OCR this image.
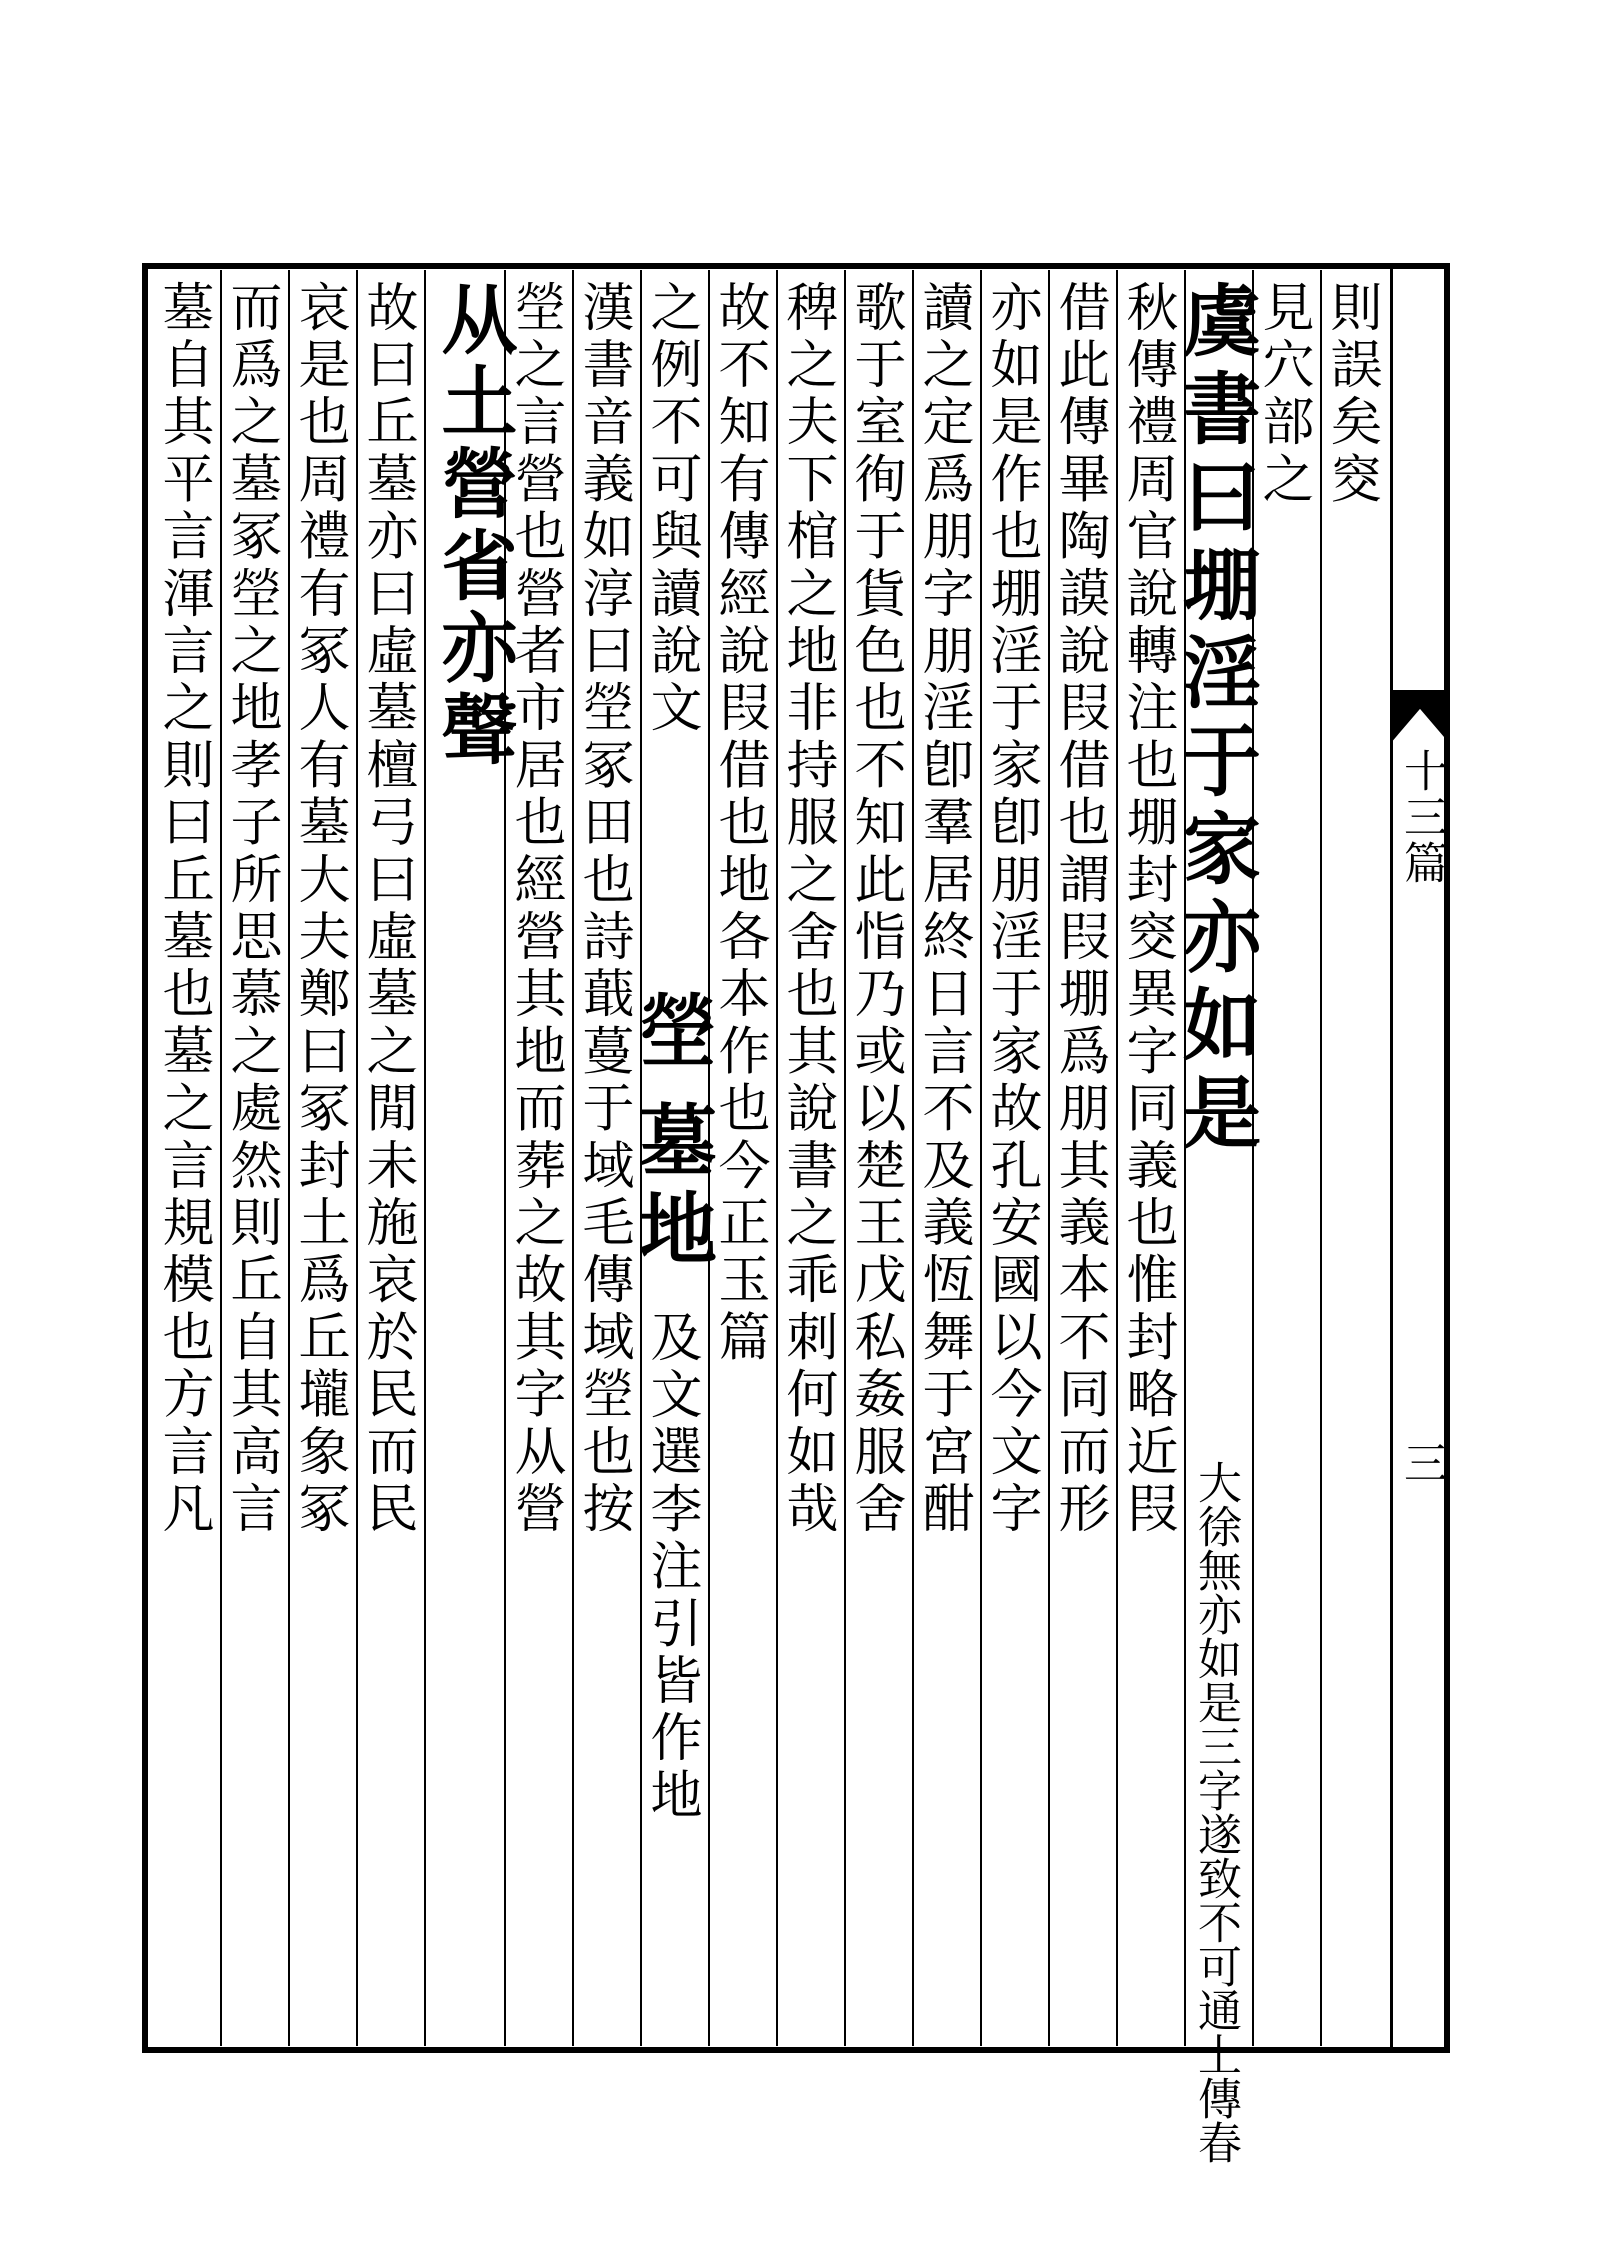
十三篇
三
則誤矣窔
見穴部之
虞書曰堋淫于家亦如是
大徐無亦如是三字遂致不可通上傳春
秋傳禮周官說轉注也堋封窔異字同義也惟封略近叚
借此傳畢陶謨說叚借也謂叚堋爲朋其義本不同而形
亦如是作也堋淫于家卽朋淫于家故孔安國以今文字
讀之定爲朋字朋淫卽羣居終日言不及義恆舞于宮酣
歌于室徇于貨色也不知此恉乃或以楚王戊私姦服舍
稗之夫下棺之地非持服之舍也其說書之乖刺何如哉
故不知有傳經說叚借也地各本作也今正玉篇
之例不可與讀說文
塋
墓地
及文選李注引皆作地
漢書音義如淳曰塋冢田也詩蕺蔓于域毛傳域塋也按
塋之言營也營者市居也經營其地而葬之故其字从營
从土營省亦聲
故曰丘墓亦曰虛墓檀弓曰虛墓之閒未施哀於民而民
哀是也周禮有冢人有墓大夫鄭曰冢封土爲丘壠象冢
而爲之墓冢塋之地孝子所思慕之處然則丘自其高言
墓自其平言渾言之則曰丘墓也墓之言規模也方言凡
